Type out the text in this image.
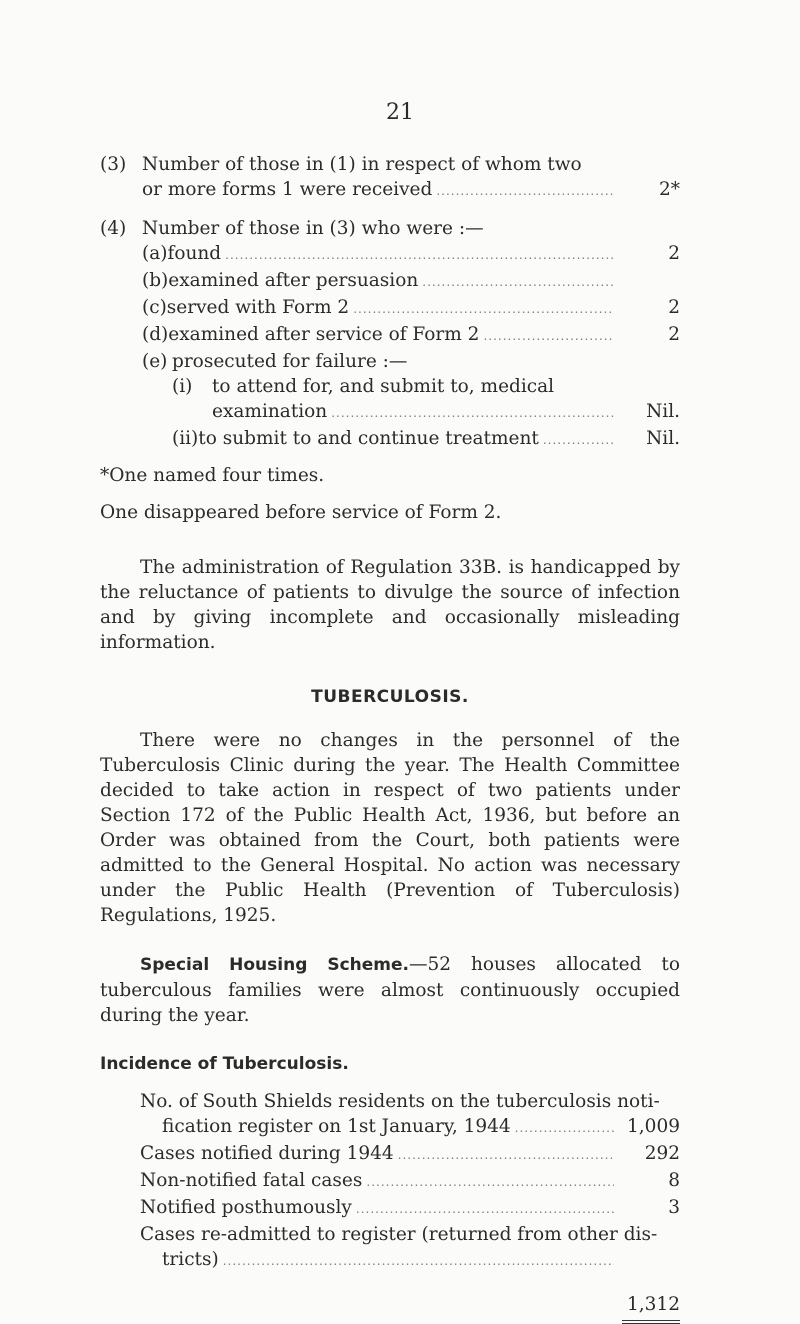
21
(3) Number of those in (1) in respect of whom two
or more forms 1 were received .....	2*
(4) Number of those in (3) who were :—
(a) found .....	2
(b) examined after persuasion
.....
(c) served with Form 2 .....	2
(d) examined after service of Form 2 .....	2
(e) prosecuted for failure :—
(i)	to attend for, and submit to, medical
examination .....	Nil.
(ii) to submit to and continue treatment .....	Nil.
*One named four times.
One disappeared before service of Form 2.

The administration of Regulation 33B. is handicapped by the reluctance of patients to divulge the source of infection and by giving incomplete and occasionally misleading information.

TUBERCULOSIS.

There were no changes in the personnel of the Tuberculosis Clinic during the year. The Health Committee decided to take action in respect of two patients under Section 172 of the Public Health Act, 1936, but before an Order was obtained from the Court, both patients were admitted to the General Hospital. No action was necessary under the Public Health (Prevention of Tuberculosis) Regulations, 1925.

Special Housing Scheme.—52 houses allocated to tuberculous families were almost continuously occupied during the year.

Incidence of Tuberculosis.
No. of South Shields residents on the tuberculosis noti-
fication register on 1st January, 1944 .....	1,009
Cases notified during 1944 .....	292
Non-notified fatal cases .....	8
Notified posthumously .....	3
Cases re-admitted to register (returned from other dis-
tricts)
.....
1,312
